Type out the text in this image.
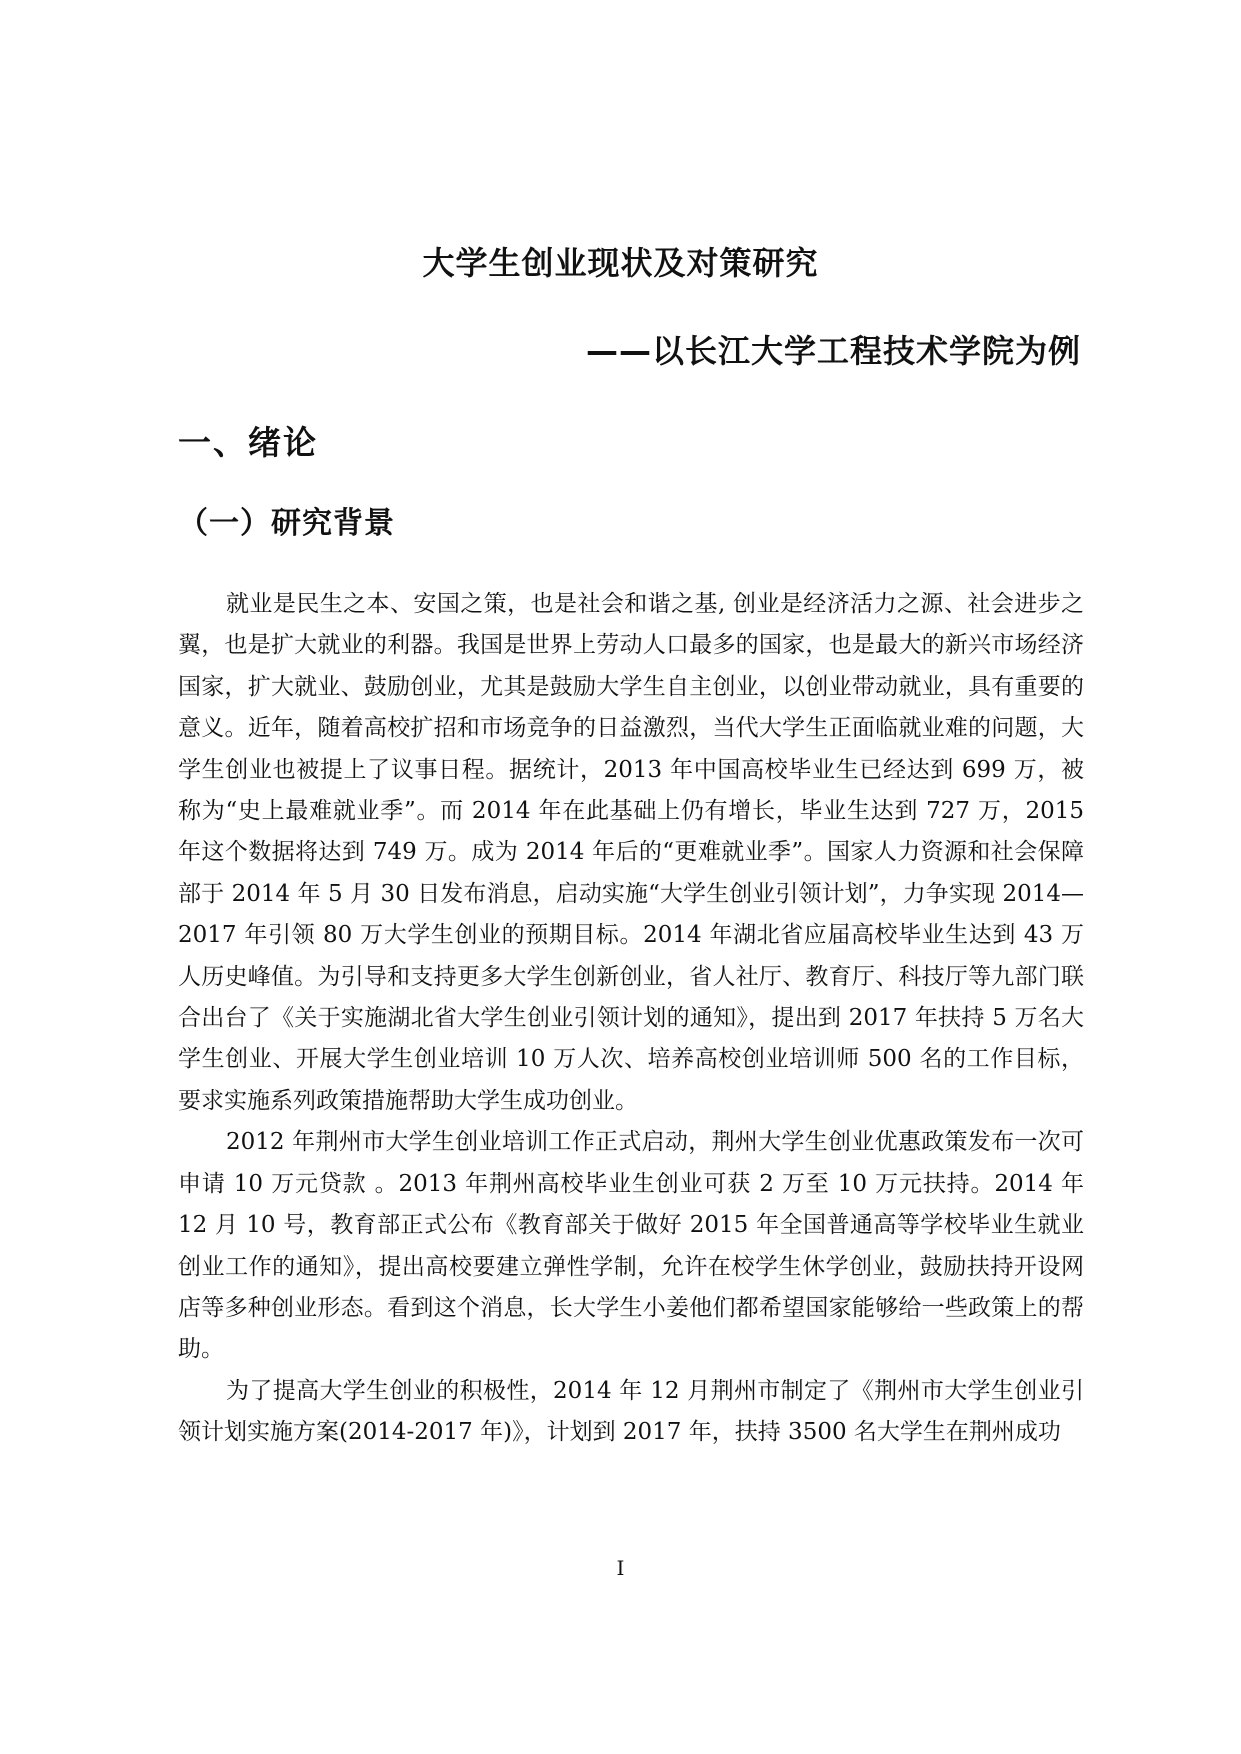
大学生创业现状及对策研究
——以长江大学工程技术学院为例
一、绪论
（一）研究背景

就业是民生之本、安国之策，也是社会和谐之基, 创业是经济活力之源、社会进步之翼，也是扩大就业的利器。我国是世界上劳动人口最多的国家，也是最大的新兴市场经济国家，扩大就业、鼓励创业，尤其是鼓励大学生自主创业，以创业带动就业，具有重要的意义。近年，随着高校扩招和市场竞争的日益激烈，当代大学生正面临就业难的问题，大学生创业也被提上了议事日程。据统计，2013 年中国高校毕业生已经达到 699 万，被称为“史上最难就业季”。而 2014 年在此基础上仍有增长，毕业生达到 727 万，2015 年这个数据将达到 749 万。成为 2014 年后的“更难就业季”。国家人力资源和社会保障部于 2014 年 5 月 30 日发布消息，启动实施“大学生创业引领计划”，力争实现 2014—2017 年引领 80 万大学生创业的预期目标。2014 年湖北省应届高校毕业生达到 43 万人历史峰值。为引导和支持更多大学生创新创业，省人社厅、教育厅、科技厅等九部门联合出台了《关于实施湖北省大学生创业引领计划的通知》，提出到 2017 年扶持 5 万名大学生创业、开展大学生创业培训 10 万人次、培养高校创业培训师 500 名的工作目标，要求实施系列政策措施帮助大学生成功创业。

2012 年荆州市大学生创业培训工作正式启动，荆州大学生创业优惠政策发布一次可申请 10 万元贷款 。2013 年荆州高校毕业生创业可获 2 万至 10 万元扶持。2014 年 12 月 10 号，教育部正式公布《教育部关于做好 2015 年全国普通高等学校毕业生就业创业工作的通知》，提出高校要建立弹性学制，允许在校学生休学创业，鼓励扶持开设网店等多种创业形态。看到这个消息，长大学生小姜他们都希望国家能够给一些政策上的帮助。

为了提高大学生创业的积极性，2014 年 12 月荆州市制定了《荆州市大学生创业引领计划实施方案(2014-2017 年)》，计划到 2017 年，扶持 3500 名大学生在荆州成功

I
